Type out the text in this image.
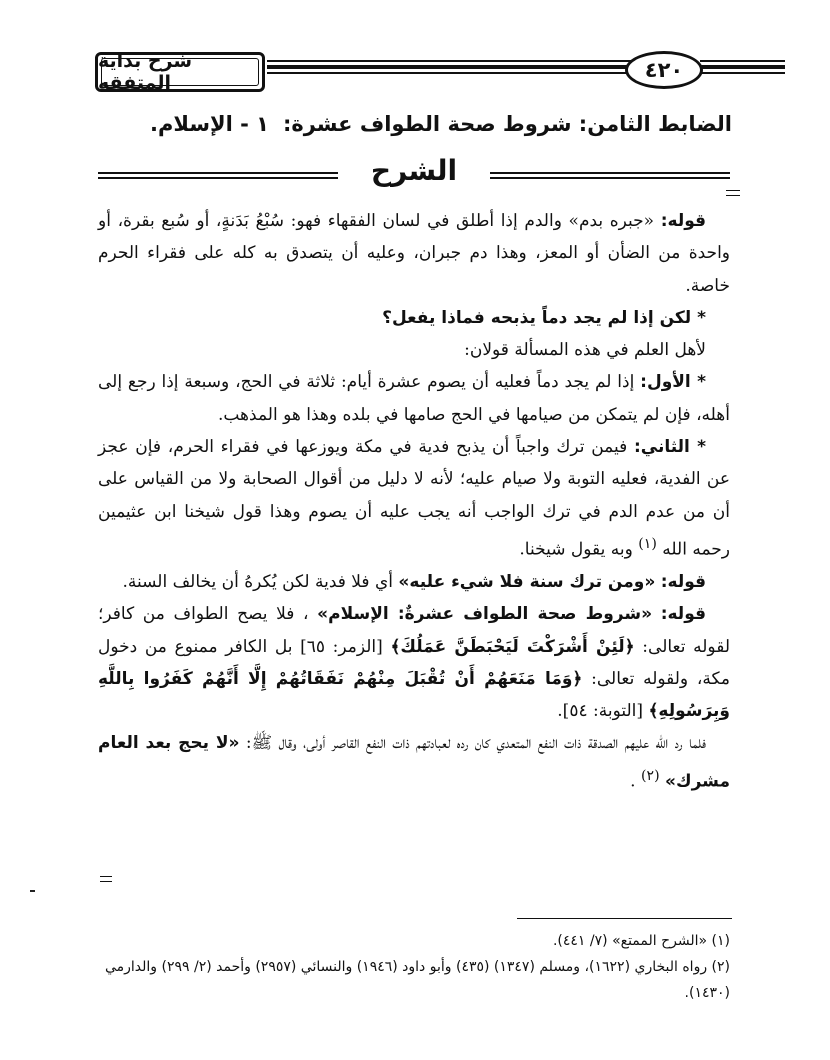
شرح بداية المتفقه
٤٢٠
الضابط الثامن: شروط صحة الطواف عشرة:
١ - الإسلام.
الشرح

قوله: «جبره بدم» والدم إذا أطلق في لسان الفقهاء فهو: سُبْعُ بَدَنةٍ، أو سُبع بقرة، أو واحدة من الضأن أو المعز، وهذا دم جبران، وعليه أن يتصدق به كله على فقراء الحرم خاصة.

* لكن إذا لم يجد دماً يذبحه فماذا يفعل؟

لأهل العلم في هذه المسألة قولان:

* الأول: إذا لم يجد دماً فعليه أن يصوم عشرة أيام: ثلاثة في الحج، وسبعة إذا رجع إلى أهله، فإن لم يتمكن من صيامها في الحج صامها في بلده وهذا هو المذهب.

* الثاني: فيمن ترك واجباً أن يذبح فدية في مكة ويوزعها في فقراء الحرم، فإن عجز عن الفدية، فعليه التوبة ولا صيام عليه؛ لأنه لا دليل من أقوال الصحابة ولا من القياس على أن من عدم الدم في ترك الواجب أنه يجب عليه أن يصوم وهذا قول شيخنا ابن عثيمين رحمه الله $^{(١)}$ وبه يقول شيخنا.

قوله: «ومن ترك سنة فلا شيء عليه» أي فلا فدية لكن يُكرهُ أن يخالف السنة.

قوله: «شروط صحة الطواف عشرةٌ: الإسلام» ، فلا يصح الطواف من كافر؛ لقوله تعالى: ﴿لَئِنْ أَشْرَكْتَ لَيَحْبَطَنَّ عَمَلُكَ﴾ [الزمر: ٦٥] بل الكافر ممنوع من دخول مكة، ولقوله تعالى: ﴿وَمَا مَنَعَهُمْ أَنْ تُقْبَلَ مِنْهُمْ نَفَقَاتُهُمْ إِلَّا أَنَّهُمْ كَفَرُوا بِاللَّهِ وَبِرَسُولِهِ﴾ [التوبة: ٥٤].

فلما رد الله عليهم الصدقة ذات النفع المتعدي كان رده لعبادتهم ذات النفع القاصر أولى، وقال ﷺ: «لا يحج بعد العام مشرك» $^{(٢)}$ .

(١) «الشرح الممتع» (٧/ ٤٤١).

(٢) رواه البخاري (١٦٢٢)، ومسلم (١٣٤٧) (٤٣٥) وأبو داود (١٩٤٦) والنسائي (٢٩٥٧) وأحمد (٢/ ٢٩٩) والدارمي (١٤٣٠).
